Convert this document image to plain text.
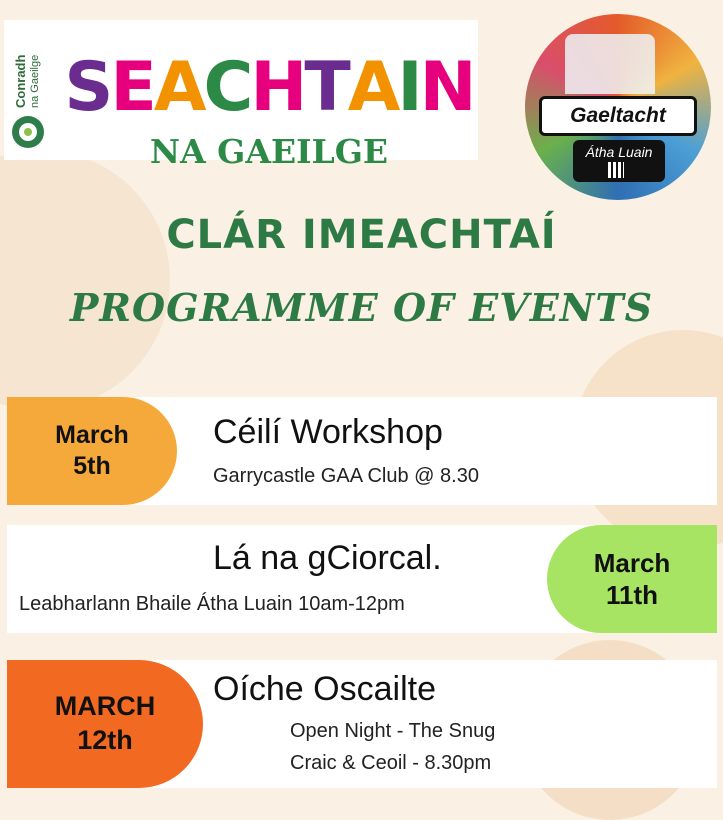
Conradh na Gaeilge S E A C H T A I N
NA GAEILGE
Gaeltacht
Átha Luain
CLÁR IMEACHTAÍ
PROGRAMME OF EVENTS
March
5th
Céilí Workshop
Garrycastle GAA Club @ 8.30
Lá na gCiorcal.
Leabharlann Bhaile Átha Luain 10am-12pm
March
11th
MARCH
12th
Oíche Oscailte
Open Night - The Snug
Craic & Ceoil - 8.30pm
